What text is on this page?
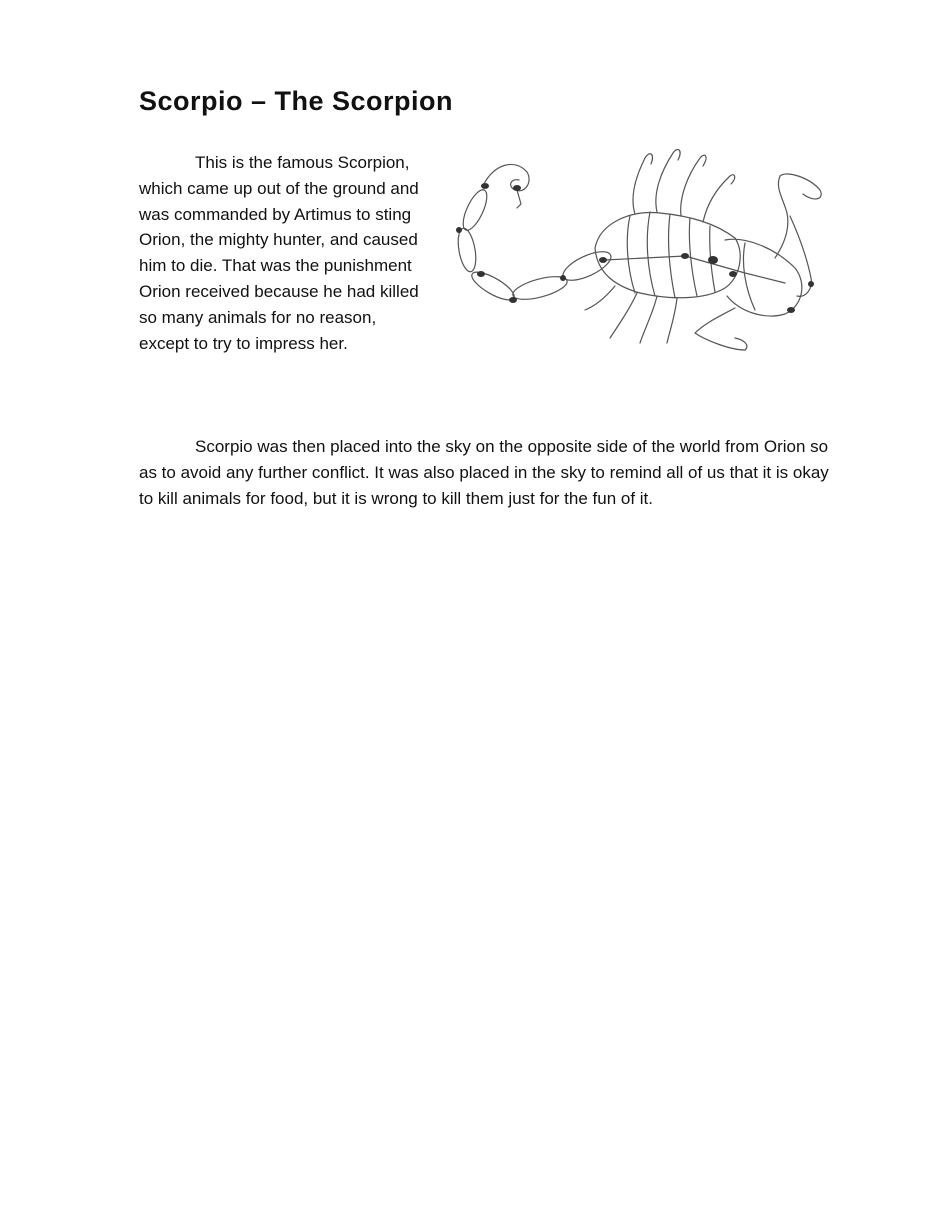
Scorpio – The Scorpion

This is the famous Scorpion, which came up out of the ground and was commanded by Artimus to sting Orion, the mighty hunter, and caused him to die. That was the punishment Orion received because he had killed so many animals for no reason, except to try to impress her.

Scorpio was then placed into the sky on the opposite side of the world from Orion so as to avoid any further conflict. It was also placed in the sky to remind all of us that it is okay to kill animals for food, but it is wrong to kill them just for the fun of it.
